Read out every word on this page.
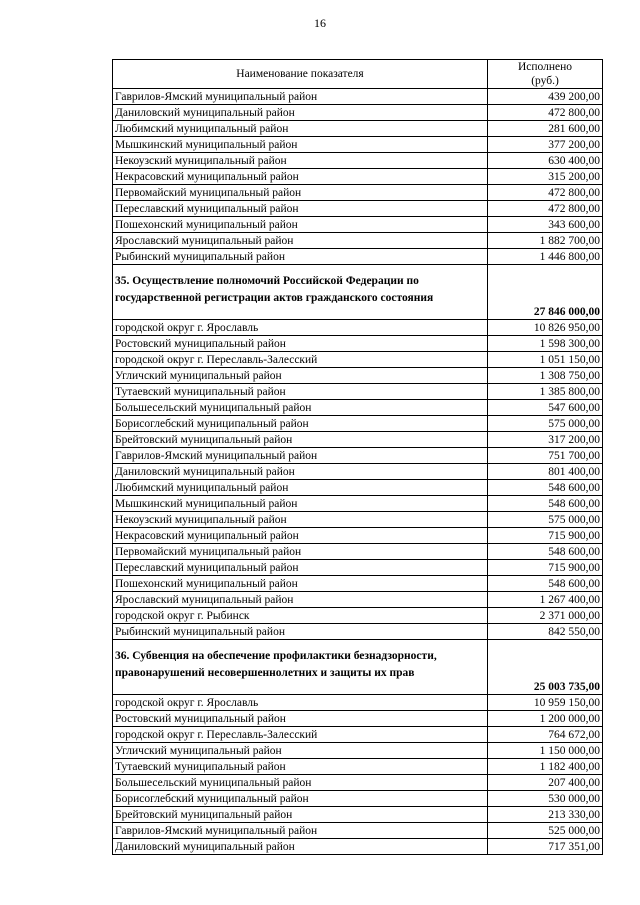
16
Наименование показателя	Исполнено
(руб.)
Гаврилов-Ямский муниципальный район	439 200,00
Даниловский муниципальный район	472 800,00
Любимский муниципальный район	281 600,00
Мышкинский муниципальный район	377 200,00
Некоузский муниципальный район	630 400,00
Некрасовский муниципальный район	315 200,00
Первомайский муниципальный район	472 800,00
Переславский муниципальный район	472 800,00
Пошехонский муниципальный район	343 600,00
Ярославский муниципальный район	1 882 700,00
Рыбинский муниципальный район	1 446 800,00
35. Осуществление полномочий Российской Федерации по государственной регистрации актов гражданского состояния	27 846 000,00
городской округ г. Ярославль	10 826 950,00
Ростовский муниципальный район	1 598 300,00
городской округ г. Переславль-Залесский	1 051 150,00
Угличский муниципальный район	1 308 750,00
Тутаевский муниципальный район	1 385 800,00
Большесельский муниципальный район	547 600,00
Борисоглебский муниципальный район	575 000,00
Брейтовский муниципальный район	317 200,00
Гаврилов-Ямский муниципальный район	751 700,00
Даниловский муниципальный район	801 400,00
Любимский муниципальный район	548 600,00
Мышкинский муниципальный район	548 600,00
Некоузский муниципальный район	575 000,00
Некрасовский муниципальный район	715 900,00
Первомайский муниципальный район	548 600,00
Переславский муниципальный район	715 900,00
Пошехонский муниципальный район	548 600,00
Ярославский муниципальный район	1 267 400,00
городской округ г. Рыбинск	2 371 000,00
Рыбинский муниципальный район	842 550,00
36. Субвенция на обеспечение профилактики безнадзорности, правонарушений несовершеннолетних и защиты их прав	25 003 735,00
городской округ г. Ярославль	10 959 150,00
Ростовский муниципальный район	1 200 000,00
городской округ г. Переславль-Залесский	764 672,00
Угличский муниципальный район	1 150 000,00
Тутаевский муниципальный район	1 182 400,00
Большесельский муниципальный район	207 400,00
Борисоглебский муниципальный район	530 000,00
Брейтовский муниципальный район	213 330,00
Гаврилов-Ямский муниципальный район	525 000,00
Даниловский муниципальный район	717 351,00
